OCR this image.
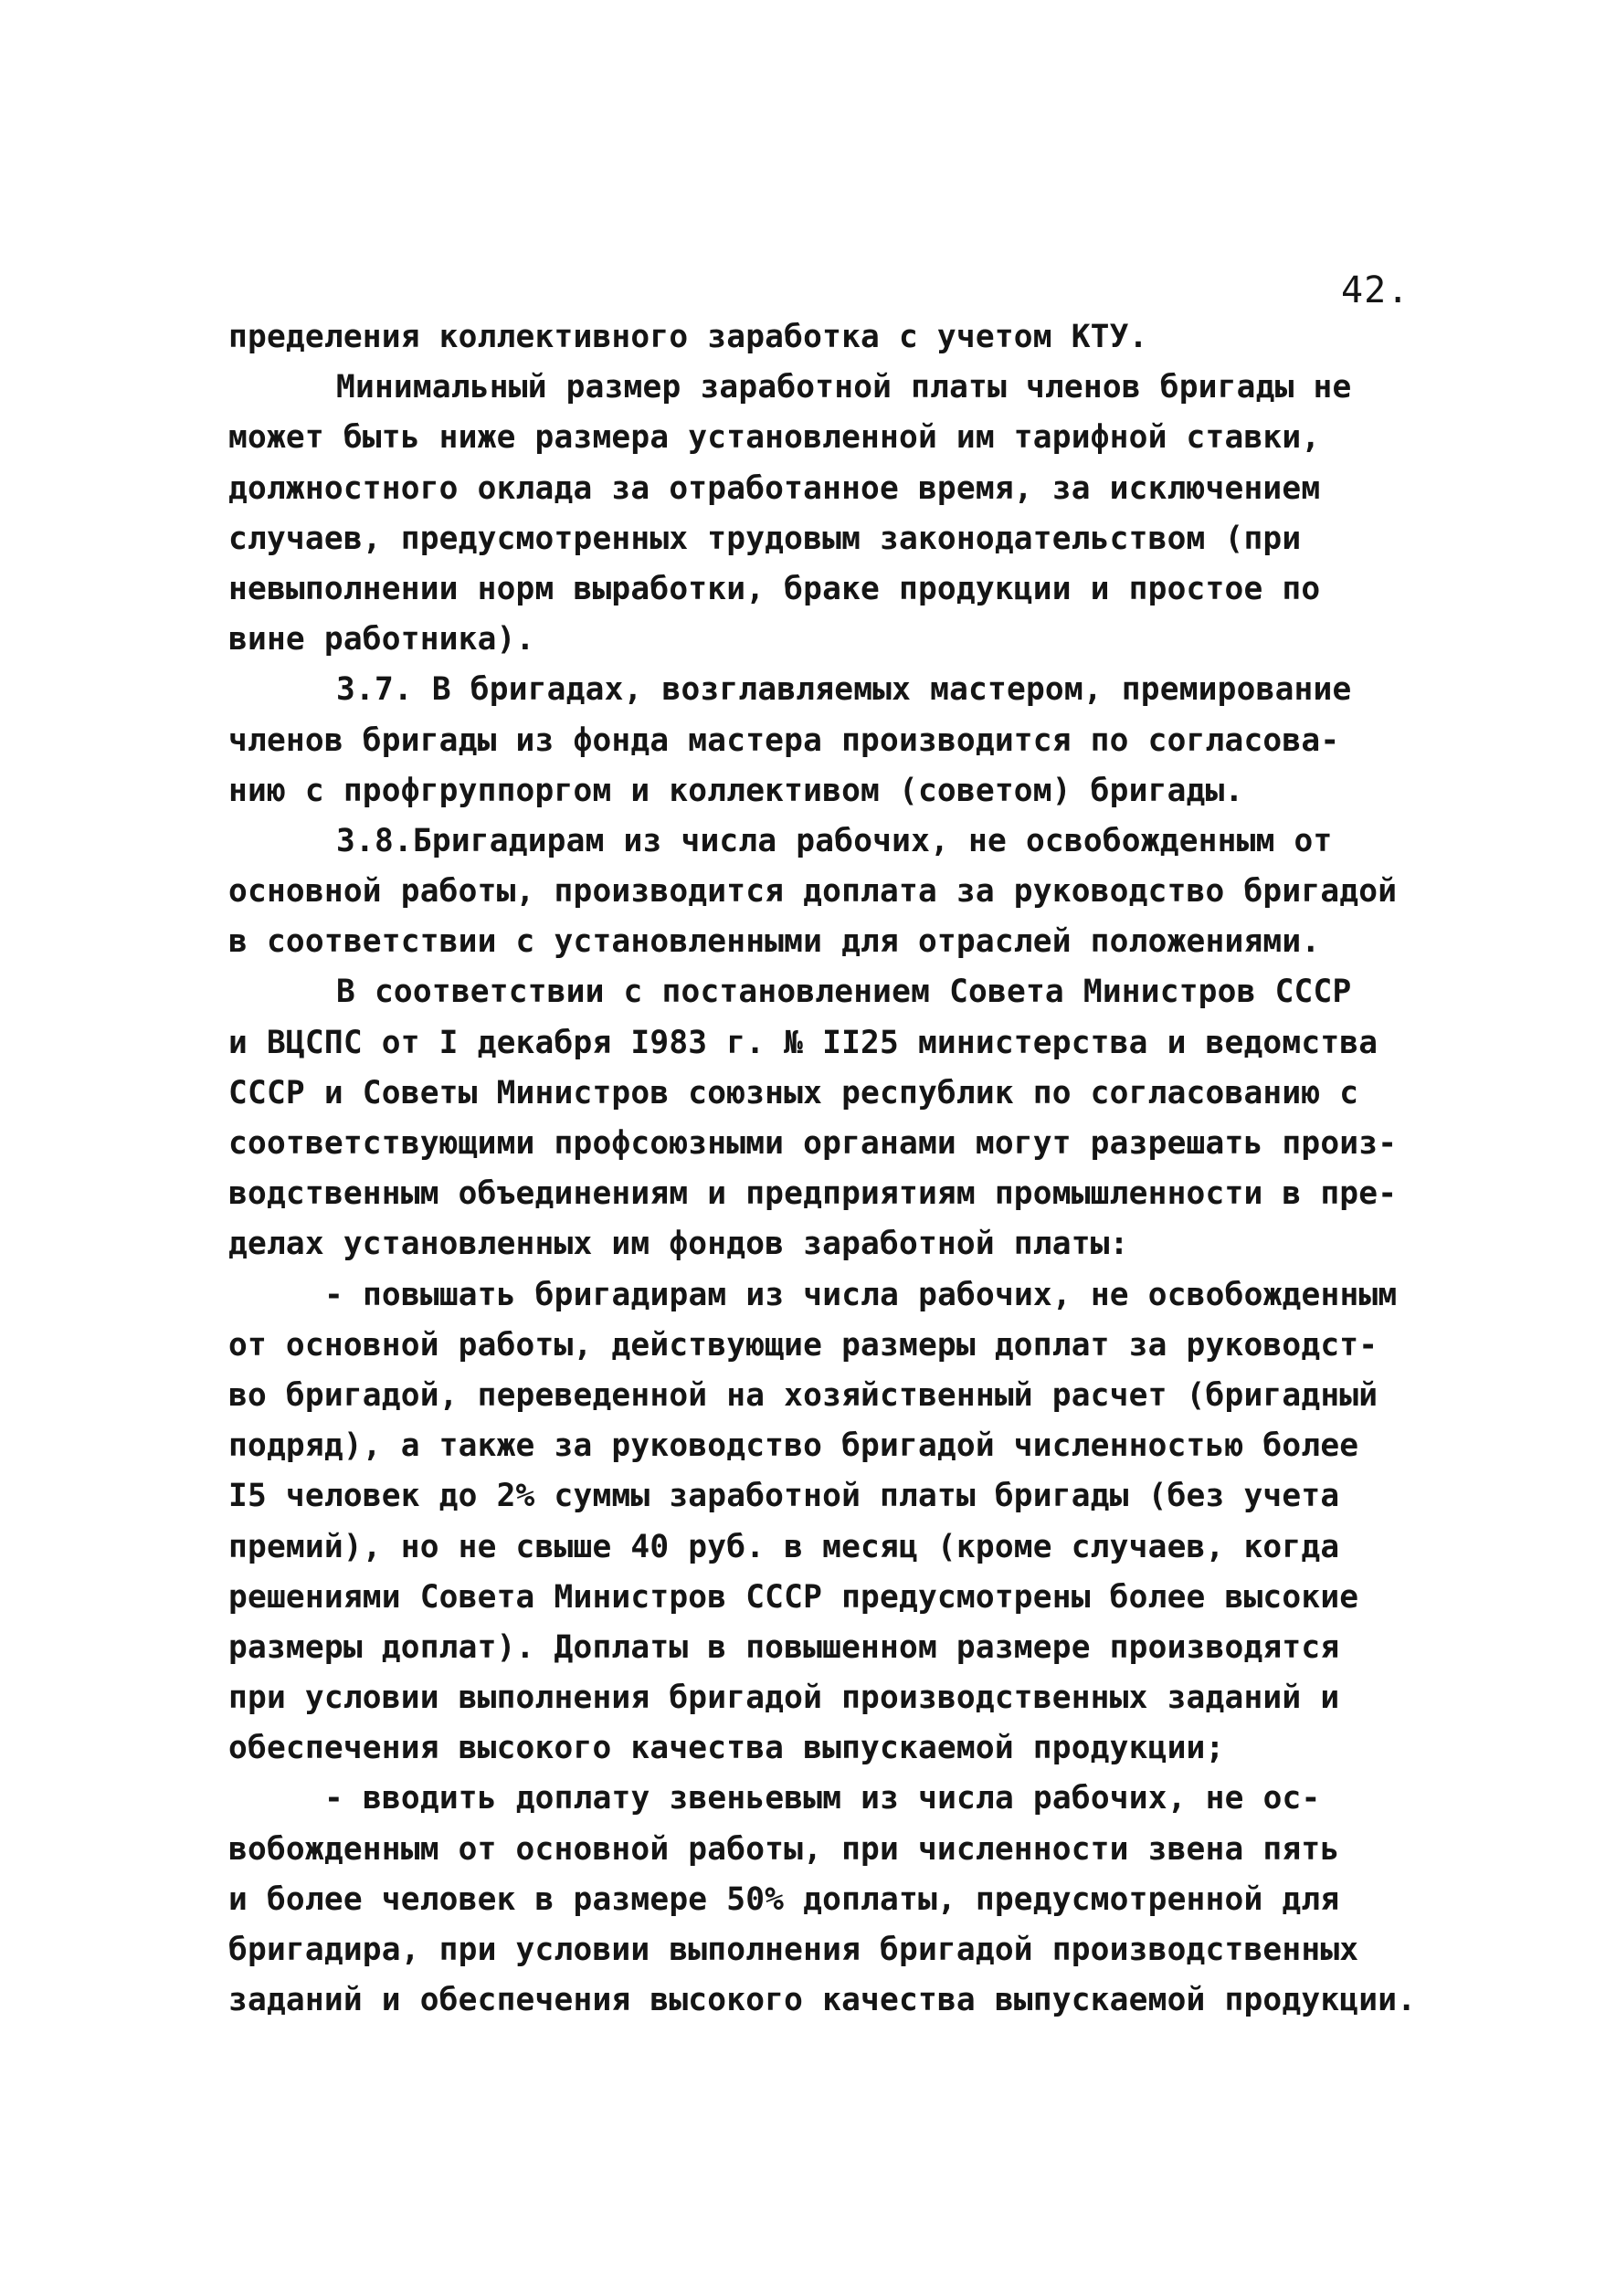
42.
пределения коллективного заработка с учетом КТУ.
Минимальный размер заработной платы членов бригады не
может быть ниже размера установленной им тарифной ставки,
должностного оклада за отработанное время, за исключением
случаев, предусмотренных трудовым законодательством (при
невыполнении норм выработки, браке продукции и простое по
вине работника).
3.7. В бригадах, возглавляемых мастером, премирование
членов бригады из фонда мастера производится по согласова-
нию с профгруппоргом и коллективом (советом) бригады.
3.8.Бригадирам из числа рабочих, не освобожденным от
основной работы, производится доплата за руководство бригадой
в соответствии с установленными для отраслей положениями.
В соответствии с постановлением Совета Министров СССР
и ВЦСПС от I декабря I983 г. № II25 министерства и ведомства
СССР и Советы Министров союзных республик по согласованию с
соответствующими профсоюзными органами могут разрешать произ-
водственным объединениям и предприятиям промышленности в пре-
делах установленных им фондов заработной платы:
- повышать бригадирам из числа рабочих, не освобожденным
от основной работы, действующие размеры доплат за руководст-
во бригадой, переведенной на хозяйственный расчет (бригадный
подряд), а также за руководство бригадой численностью более
I5 человек до 2% суммы заработной платы бригады (без учета
премий), но не свыше 40 руб. в месяц (кроме случаев, когда
решениями Совета Министров СССР предусмотрены более высокие
размеры доплат). Доплаты в повышенном размере производятся
при условии выполнения бригадой производственных заданий и
обеспечения высокого качества выпускаемой продукции;
- вводить доплату звеньевым из числа рабочих, не ос-
вобожденным от основной работы, при численности звена пять
и более человек в размере 50% доплаты, предусмотренной для
бригадира, при условии выполнения бригадой производственных
заданий и обеспечения высокого качества выпускаемой продукции.
